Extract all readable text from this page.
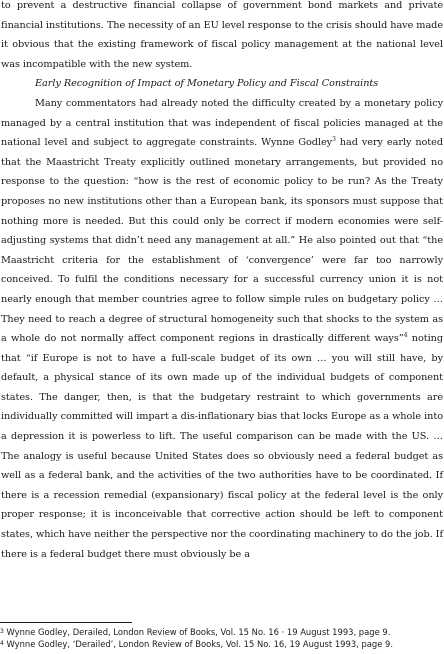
to prevent a destructive financial collapse of government bond markets and private financial institutions. The necessity of an EU level response to the crisis should have made it obvious that the existing framework of fiscal policy management at the national level was incompatible with the new system.

Early Recognition of Impact of Monetary Policy and Fiscal Constraints

Many commentators had already noted the difficulty created by a monetary policy managed by a central institution that was independent of fiscal policies managed at the national level and subject to aggregate constraints. Wynne Godley$^3$ had very early noted that the Maastricht Treaty explicitly outlined monetary arrangements, but provided no response to the question: “how is the rest of economic policy to be run? As the Treaty proposes no new institutions other than a European bank, its sponsors must suppose that nothing more is needed. But this could only be correct if modern economies were self-adjusting systems that didn’t need any management at all.” He also pointed out that “the Maastricht criteria for the establishment of ‘convergence’ were far too narrowly conceived. To fulfil the conditions necessary for a successful currency union it is not nearly enough that member countries agree to follow simple rules on budgetary policy … They need to reach a degree of structural homogeneity such that shocks to the system as a whole do not normally affect component regions in drastically different ways”$^4$ noting that “if Europe is not to have a full-scale budget of its own … you will still have, by default, a physical stance of its own made up of the individual budgets of component states. The danger, then, is that the budgetary restraint to which governments are individually committed will impart a dis-inflationary bias that locks Europe as a whole into a depression it is powerless to lift. The useful comparison can be made with the US. … The analogy is useful because United States does so obviously need a federal budget as well as a federal bank, and the activities of the two authorities have to be coordinated. If there is a recession remedial (expansionary) fiscal policy at the federal level is the only proper response; it is inconceivable that corrective action should be left to component states, which have neither the perspective nor the coordinating machinery to do the job. If there is a federal budget there must obviously be a

$^3$ Wynne Godley, Derailed, London Review of Books, Vol. 15 No. 16 · 19 August 1993, page 9.

$^4$ Wynne Godley, ‘Derailed’, London Review of Books, Vol. 15 No. 16, 19 August 1993, page 9.
